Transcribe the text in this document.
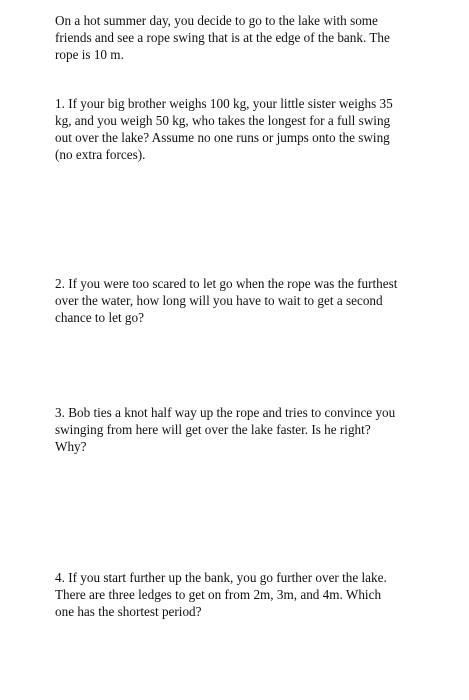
On a hot summer day, you decide to go to the lake with some
friends and see a rope swing that is at the edge of the bank. The
rope is 10 m.

1. If your big brother weighs 100 kg, your little sister weighs 35
kg, and you weigh 50 kg, who takes the longest for a full swing
out over the lake? Assume no one runs or jumps onto the swing
(no extra forces).

2. If you were too scared to let go when the rope was the furthest
over the water, how long will you have to wait to get a second
chance to let go?

3. Bob ties a knot half way up the rope and tries to convince you
swinging from here will get over the lake faster. Is he right?
Why?

4. If you start further up the bank, you go further over the lake.
There are three ledges to get on from 2m, 3m, and 4m. Which
one has the shortest period?
